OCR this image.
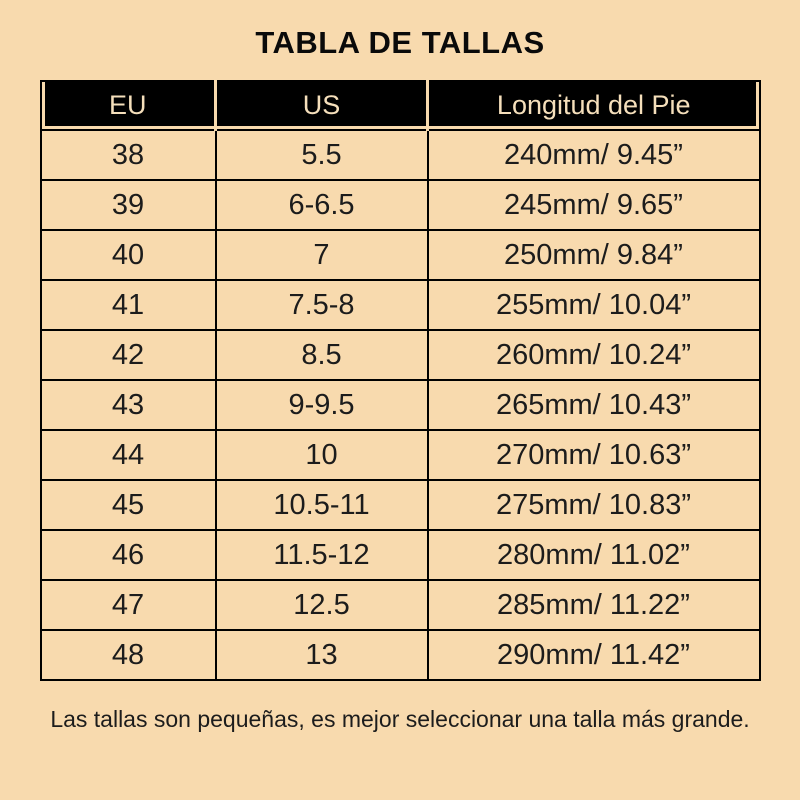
TABLA DE TALLAS
EU	US	Longitud del Pie
38	5.5	240mm/ 9.45”
39	6-6.5	245mm/ 9.65”
40	7	250mm/ 9.84”
41	7.5-8	255mm/ 10.04”
42	8.5	260mm/ 10.24”
43	9-9.5	265mm/ 10.43”
44	10	270mm/ 10.63”
45	10.5-11	275mm/ 10.83”
46	11.5-12	280mm/ 11.02”
47	12.5	285mm/ 11.22”
48	13	290mm/ 11.42”
Las tallas son pequeñas, es mejor seleccionar una talla más grande.
